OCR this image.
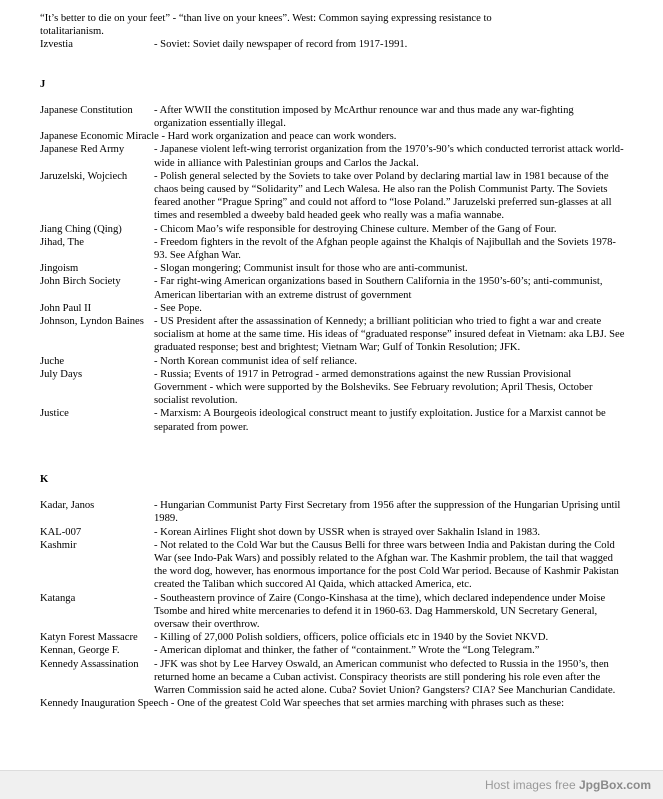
“It’s better to die on your feet” - “than live on your knees”. West: Common saying expressing resistance to
totalitarianism.
Izvestia	- Soviet: Soviet daily newspaper of record from 1917-1991.
J
Japanese Constitution	- After WWII the constitution imposed by McArthur renounce war and thus made any war-fighting organization essentially illegal.
Japanese Economic Miracle - Hard work organization and peace can work wonders.
Japanese Red Army	- Japanese violent left-wing terrorist organization from the 1970’s-90’s which conducted terrorist attack world-wide in alliance with Palestinian groups and Carlos the Jackal.
Jaruzelski, Wojciech	- Polish general selected by the Soviets to take over Poland by declaring martial law in 1981 because of the chaos being caused by “Solidarity” and Lech Walesa. He also ran the Polish Communist Party. The Soviets feared another “Prague Spring” and could not afford to “lose Poland.” Jaruzelski preferred sun-glasses at all times and resembled a dweeby bald headed geek who really was a mafia wannabe.
Jiang Ching (Qing)	- Chicom Mao’s wife responsible for destroying Chinese culture. Member of the Gang of Four.
Jihad, The	- Freedom fighters in the revolt of the Afghan people against the Khalqis of Najibullah and the Soviets 1978-93. See Afghan War.
Jingoism	- Slogan mongering; Communist insult for those who are anti-communist.
John Birch Society	- Far right-wing American organizations based in Southern California in the 1950’s-60’s; anti-communist, American libertarian with an extreme distrust of government
John Paul II	- See Pope.
Johnson, Lyndon Baines - US President after the assassination of Kennedy; a brilliant politician who tried to fight a war and create socialism at home at the same time. His ideas of “graduated response” insured defeat in Vietnam: aka LBJ. See graduated response; best and brightest; Vietnam War; Gulf of Tonkin Resolution; JFK.
Juche	- North Korean communist idea of self reliance.
July Days	- Russia; Events of 1917 in Petrograd - armed demonstrations against the new Russian Provisional Government - which were supported by the Bolsheviks. See February revolution; April Thesis, October socialist revolution.
Justice	- Marxism: A Bourgeois ideological construct meant to justify exploitation. Justice for a Marxist cannot be separated from power.
K
Kadar, Janos	- Hungarian Communist Party First Secretary from 1956 after the suppression of the Hungarian Uprising until 1989.
KAL-007	- Korean Airlines Flight shot down by USSR when is strayed over Sakhalin Island in 1983.
Kashmir	- Not related to the Cold War but the Causus Belli for three wars between India and Pakistan during the Cold War (see Indo-Pak Wars) and possibly related to the Afghan war. The Kashmir problem, the tail that wagged the word dog, however, has enormous importance for the post Cold War period. Because of Kashmir Pakistan created the Taliban which succored Al Qaida, which attacked America, etc.
Katanga	- Southeastern province of Zaire (Congo-Kinshasa at the time), which declared independence under Moise Tsombe and hired white mercenaries to defend it in 1960-63. Dag Hammerskold, UN Secretary General, oversaw their overthrow.
Katyn Forest Massacre	- Killing of 27,000 Polish soldiers, officers, police officials etc in 1940 by the Soviet NKVD.
Kennan, George F.	- American diplomat and thinker, the father of “containment.” Wrote the “Long Telegram.”
Kennedy Assassination	- JFK was shot by Lee Harvey Oswald, an American communist who defected to Russia in the 1950’s, then returned home an became a Cuban activist. Conspiracy theorists are still pondering his role even after the Warren Commission said he acted alone. Cuba? Soviet Union? Gangsters? CIA? See Manchurian Candidate.
Kennedy Inauguration Speech - One of the greatest Cold War speeches that set armies marching with phrases such as these:
Host images free JpgBox.com
